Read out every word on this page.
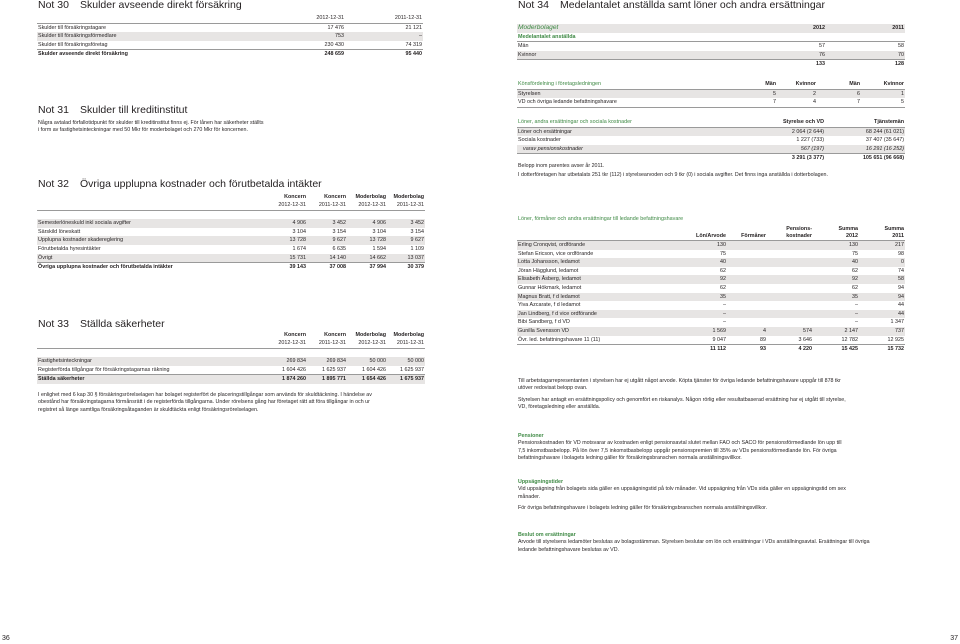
Not 30	Skulder avseende direkt försäkring
	2012-12-31	2011-12-31
Skulder till försäkringstagare	17 476	21 121
Skulder till försäkringsförmedlare	753	–
Skulder till försäkringsföretag	230 430	74 319
Skulder avseende direkt försäkring	248 659	95 440
Not 31	Skulder till kreditinstitut
Några avtalad förfallotidpunkt för skulder till kreditinstitut finns ej. För lånen har säkerheter ställts
i form av fastighetsinteckningar med 50 Mkr för moderbolaget och 270 Mkr för koncernen.
Not 32	Övriga upplupna kostnader och förutbetalda intäkter
	Koncern	Koncern	Moderbolag	Moderbolag
	2012-12-31	2011-12-31	2012-12-31	2011-12-31

Semesterlöneskuld inkl sociala avgifter	4 906	3 452	4 906	3 452
Särskild löneskatt	3 104	3 154	3 104	3 154
Upplupna kostnader skadereglering	13 728	9 627	13 728	9 627
Förutbetalda hyresintäkter	1 674	6 635	1 594	1 109
Övrigt	15 731	14 140	14 662	13 037
Övriga upplupna kostnader och förutbetalda intäkter	39 143	37 008	37 994	30 379
Not 33	Ställda säkerheter
	Koncern	Koncern	Moderbolag	Moderbolag
	2012-12-31	2011-12-31	2012-12-31	2011-12-31

Fastighetsinteckningar	269 834	269 834	50 000	50 000
Registerförda tillgångar för försäkringstagarnas räkning	1 604 426	1 625 937	1 604 426	1 625 937
Ställda säkerheter	1 874 260	1 895 771	1 654 426	1 675 937
I enlighet med 6 kap 30 § försäkringsrörelselagen har bolaget registerfört de placeringstillgångar som används för skuldtäckning. I händelse av
obestånd har försäkringstagarna förmånsrätt i de registerförda tillgångarna. Under rörelsens gång har företaget rätt att föra tillgångar in och ur
registret så länge samtliga försäkringsåtaganden är skuldtäckta enligt försäkringsrörelselagen.
36
Not 34	Medelantalet anställda samt löner och andra ersättningar
Moderbolaget	2012	2011
Medelantalet anställda		
Män	57	58
Kvinnor	76	70
	133	128
Könsfördelning i företagsledningen	Män	Kvinnor	Män	Kvinnor
Styrelsen	5	2	6	1
VD och övriga ledande befattningshavare	7	4	7	5
Löner, andra ersättningar och sociala kostnader	Styrelse och VD	Tjänstemän
Löner och ersättningar	2 064 (2 644)	68 244 (61 021)
Sociala kostnader	1 227 (733)	37 407 (35 647)
varav pensionskostnader	567 (197)	16 291 (16 252)
	3 291 (3 377)	105 651 (96 668)
Belopp inom parentes avser år 2011.
I dotterföretagen har utbetalats 251 tkr (112) i styrelsearvoden och 9 tkr (0) i sociala avgifter. Det finns inga anställda i dotterbolagen.
Löner, förmåner och andra ersättningar till ledande befattningshavare
			Pensions-	Summa	Summa
	Lön/Arvode	Förmåner	kostnader	2012	2011
Erling Cronqvist, ordförande	130			130	217
Stefan Ericson, vice ordförande	75			75	98
Lotta Johansson, ledamot	40			40	0
Jöran Hägglund, ledamot	62			62	74
Elisabeth Åsberg, ledamot	92			92	58
Gunnar Hökmark, ledamot	62			62	94
Magnus Bratt, f d ledamot	35			35	94
Yiva Azcarate, f d ledamot	–			–	44
Jan Lindberg, f d vice ordförande	–			–	44
Bibi Sandberg, f d VD	–			–	1 347
Gunilla Svensson VD	1 569	4	574	2 147	737
Övr. led. befattningshavare 11 (11)	9 047	89	3 646	12 782	12 925
	11 112	93	4 220	15 425	15 732
Till arbetstagarrepresentanten i styrelsen har ej utgått något arvode. Köpta tjänster för övriga ledande befattningshavare uppgår till 878 tkr
utöver redovisat belopp ovan.
Styrelsen har antagit en ersättningspolicy och genomfört en riskanalys. Någon rörlig eller resultatbaserad ersättning har ej utgått till styrelse,
VD, företagsledning eller anställda.
Pensioner
Pensionskostnaden för VD motsvarar av kostnaden enligt pensionsavtal slutet mellan FAO och SACO för pensionsförmedlande lön upp till
7,5 inkomstbasbelopp. På lön över 7,5 inkomstbasbelopp uppgår pensionspremien till 35% av VDs pensionsförmedlande lön. För övriga
befattningshavare i bolagets ledning gäller för försäkringsbranschen normala anställningsvillkor.
Uppsägningstider
Vid uppsägning från bolagets sida gäller en uppsägningstid på tolv månader. Vid uppsägning från VDs sida gäller en uppsägningstid om sex
månader.
För övriga befattningshavare i bolagets ledning gäller för försäkringsbranschen normala anställningsvillkor.
Beslut om ersättningar
Arvode till styrelsens ledamöter beslutas av bolagsstämman. Styrelsen beslutar om lön och ersättningar i VDs anställningsavtal. Ersättningar till övriga
ledande befattningshavare beslutas av VD.
37
